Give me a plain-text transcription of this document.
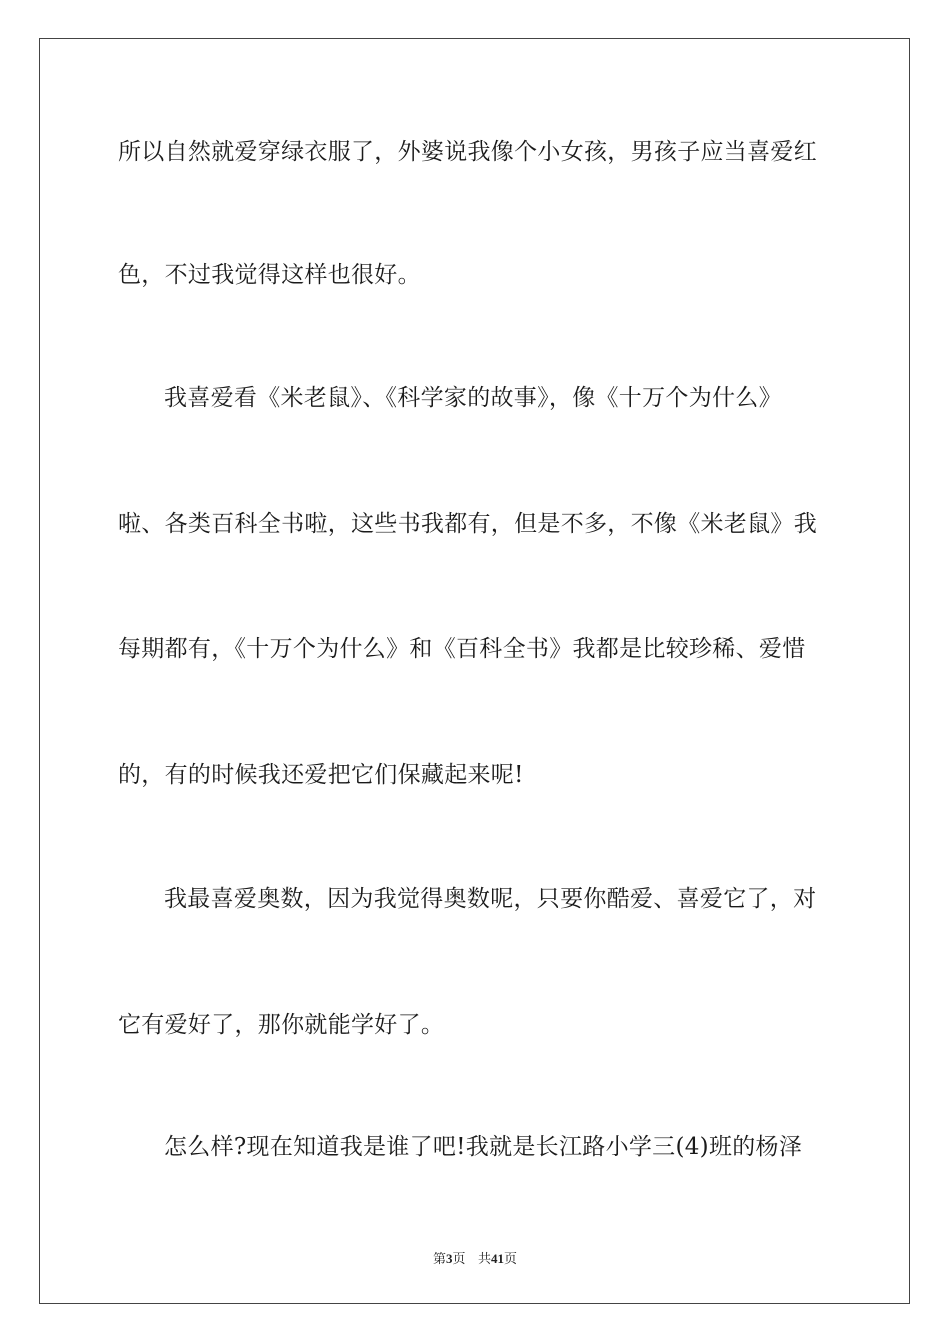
所以自然就爱穿绿衣服了，外婆说我像个小女孩，男孩子应当喜爱红
色，不过我觉得这样也很好。
我喜爱看《米老鼠》、《科学家的故事》，像《十万个为什么》
啦、各类百科全书啦，这些书我都有，但是不多，不像《米老鼠》我
每期都有，《十万个为什么》和《百科全书》我都是比较珍稀、爱惜
的，有的时候我还爱把它们保藏起来呢!
我最喜爱奥数，因为我觉得奥数呢，只要你酷爱、喜爱它了，对
它有爱好了，那你就能学好了。
怎么样?现在知道我是谁了吧!我就是长江路小学三(4)班的杨泽
第3页 共41页
